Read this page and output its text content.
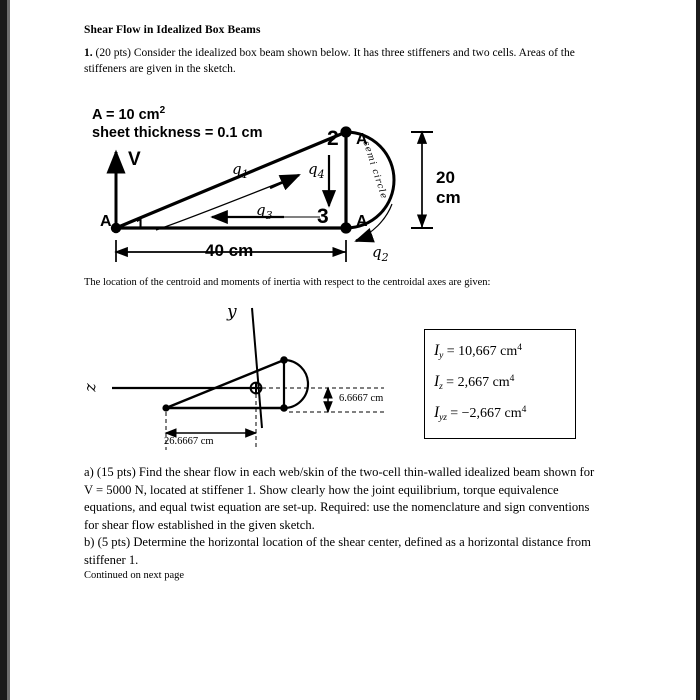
Shear Flow in Idealized Box Beams
1. (20 pts) Consider the idealized box beam shown below. It has three stiffeners and two cells. Areas of the stiffeners are given in the sketch.
A = 10 $cm^2$
sheet thickness = 0.1 cm
A
V
1
2
3
A
A
$q_1$
$q_3$
$q_4$
$q_2$
semi circle
40 cm
20 cm
The location of the centroid and moments of inertia with respect to the centroidal axes are given:
z
y
6.6667 cm
26.6667 cm
$I_y = 10,667$ $cm^4$
$I_z = 2,667$ $cm^4$
$I_{yz} = -2,667$ $cm^4$

a) (15 pts) Find the shear flow in each web/skin of the two-cell thin-walled idealized beam shown for V = 5000 N, located at stiffener 1. Show clearly how the joint equilibrium, torque equivalence equations, and equal twist equation are set-up. Required: use the nomenclature and sign conventions for shear flow established in the given sketch.

b) (5 pts) Determine the horizontal location of the shear center, defined as a horizontal distance from stiffener 1.

Continued on next page
